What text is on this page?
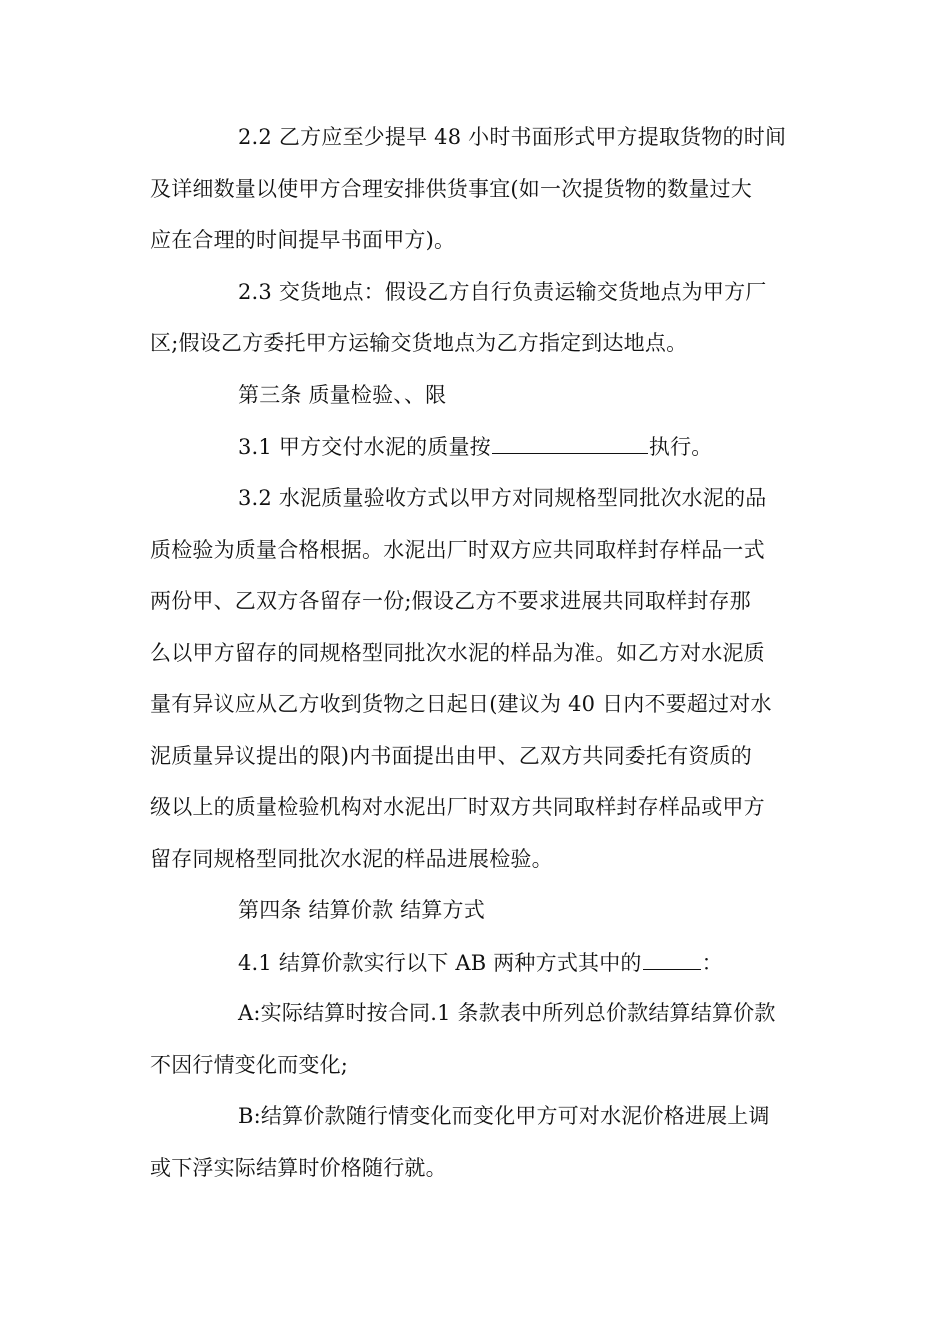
2.2 乙方应至少提早 48 小时书面形式甲方提取货物的时间
及详细数量以使甲方合理安排供货事宜(如一次提货物的数量过大
应在合理的时间提早书面甲方)。
2.3 交货地点：假设乙方自行负责运输交货地点为甲方厂
区;假设乙方委托甲方运输交货地点为乙方指定到达地点。
第三条 质量检验、、限
3.1 甲方交付水泥的质量按	执行。
3.2 水泥质量验收方式以甲方对同规格型同批次水泥的品
质检验为质量合格根据。水泥出厂时双方应共同取样封存样品一式
两份甲、乙双方各留存一份;假设乙方不要求进展共同取样封存那
么以甲方留存的同规格型同批次水泥的样品为准。如乙方对水泥质
量有异议应从乙方收到货物之日起日(建议为 40 日内不要超过对水
泥质量异议提出的限)内书面提出由甲、乙双方共同委托有资质的
级以上的质量检验机构对水泥出厂时双方共同取样封存样品或甲方
留存同规格型同批次水泥的样品进展检验。
第四条 结算价款 结算方式
4.1 结算价款实行以下 AB 两种方式其中的	：
A:实际结算时按合同.1 条款表中所列总价款结算结算价款
不因行情变化而变化;
B:结算价款随行情变化而变化甲方可对水泥价格进展上调
或下浮实际结算时价格随行就。
